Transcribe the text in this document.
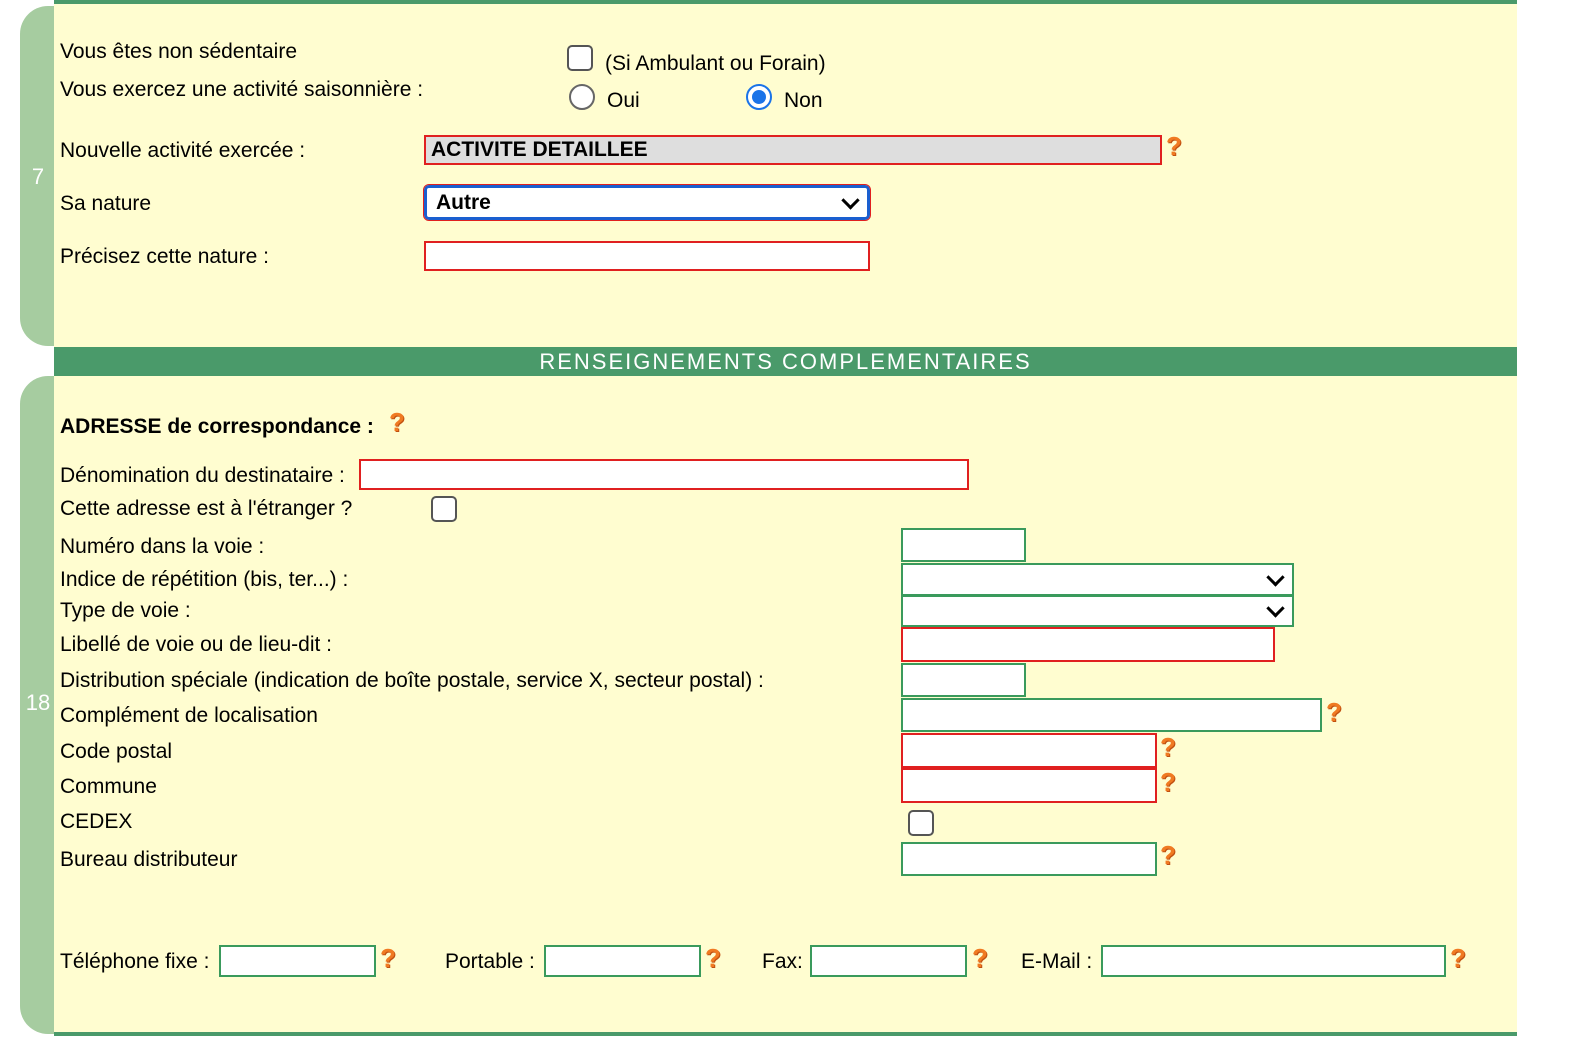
7
18
RENSEIGNEMENTS COMPLEMENTAIRES
Vous êtes non sédentaire
(Si Ambulant ou Forain)
Vous exercez une activité saisonnière :	Oui	Non
Nouvelle activité exercée :	ACTIVITE DETAILLEE	?
Sa nature	Autre
Précisez cette nature :
ADRESSE de correspondance : ?
Dénomination du destinataire :
Cette adresse est à l'étranger ?
Numéro dans la voie :
Indice de répétition (bis, ter...) :
Type de voie :
Libellé de voie ou de lieu-dit :
Distribution spéciale (indication de boîte postale, service X, secteur postal) :
Complément de localisation	?
Code postal	?
Commune	?
CEDEX
Bureau distributeur	?
Téléphone fixe :	? Portable :	? Fax:	? E-Mail :	?
